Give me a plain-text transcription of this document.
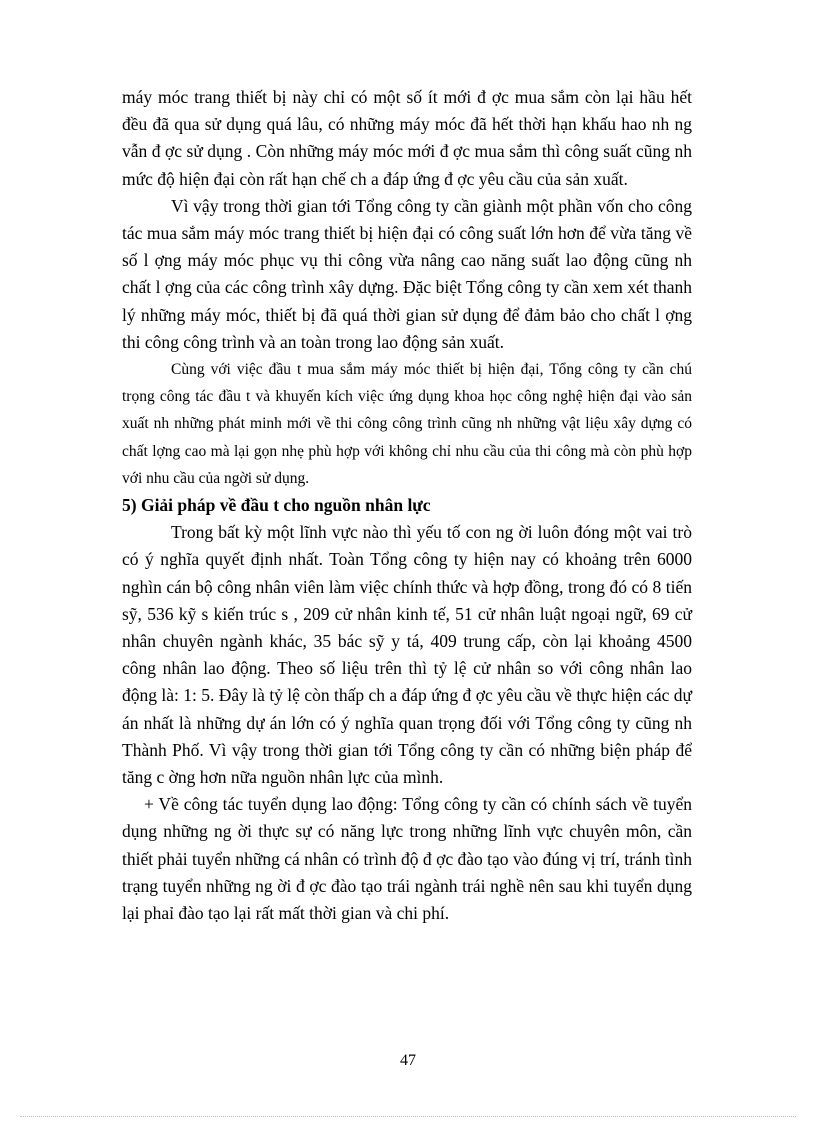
máy móc trang thiết bị này chỉ có một số ít mới đ ợc mua sắm còn lại hầu hết đều đã qua sử dụng quá lâu, có những máy móc đã hết thời hạn khấu hao nh ng vẫn đ ợc sử dụng . Còn những máy móc mới đ ợc mua sắm thì công suất cũng nh mức độ hiện đại còn rất hạn chế ch a đáp ứng đ ợc yêu cầu của sản xuất.

Vì vậy trong thời gian tới Tổng công ty cần giành một phần vốn cho công tác mua sắm máy móc trang thiết bị hiện đại có công suất lớn hơn để vừa tăng về số l ợng máy móc phục vụ thi công vừa nâng cao năng suất lao động cũng nh chất l ợng của các công trình xây dựng. Đặc biệt Tổng công ty cần xem xét thanh lý những máy móc, thiết bị đã quá thời gian sử dụng để đảm bảo cho chất l ợng thi công công trình và an toàn trong lao động sản xuất.

Cùng với việc đầu t mua sắm máy móc thiết bị hiện đại, Tổng công ty cần chú trọng công tác đầu t và khuyến kích việc ứng dụng khoa học công nghệ hiện đại vào sản xuất nh những phát minh mới về thi công công trình cũng nh những vật liệu xây dựng có chất lợng cao mà lại gọn nhẹ phù hợp với không chỉ nhu cầu của thi công mà còn phù hợp với nhu cầu của ngời sử dụng.

5) Giải pháp về đầu t cho nguồn nhân lực

Trong bất kỳ một lĩnh vực nào thì yếu tố con ng ời luôn đóng một vai trò có ý nghĩa quyết định nhất. Toàn Tổng công ty hiện nay có khoảng trên 6000 nghìn cán bộ công nhân viên làm việc chính thức và hợp đồng, trong đó có 8 tiến sỹ, 536 kỹ s kiến trúc s , 209 cử nhân kinh tế, 51 cử nhân luật ngoại ngữ, 69 cử nhân chuyên ngành khác, 35 bác sỹ y tá, 409 trung cấp, còn lại khoảng 4500 công nhân lao động. Theo số liệu trên thì tỷ lệ cử nhân so với công nhân lao động là: 1: 5. Đây là tỷ lệ còn thấp ch a đáp ứng đ ợc yêu cầu về thực hiện các dự án nhất là những dự án lớn có ý nghĩa quan trọng đối với Tổng công ty cũng nh Thành Phố. Vì vậy trong thời gian tới Tổng công ty cần có những biện pháp để tăng c ờng hơn nữa nguồn nhân lực của mình.

+ Về công tác tuyển dụng lao động: Tổng công ty cần có chính sách về tuyển dụng những ng ời thực sự có năng lực trong những lĩnh vực chuyên môn, cần thiết phải tuyển những cá nhân có trình độ đ ợc đào tạo vào đúng vị trí, tránh tình trạng tuyển những ng ời đ ợc đào tạo trái ngành trái nghề nên sau khi tuyển dụng lại phaỉ đào tạo lại rất mất thời gian và chi phí.

47
